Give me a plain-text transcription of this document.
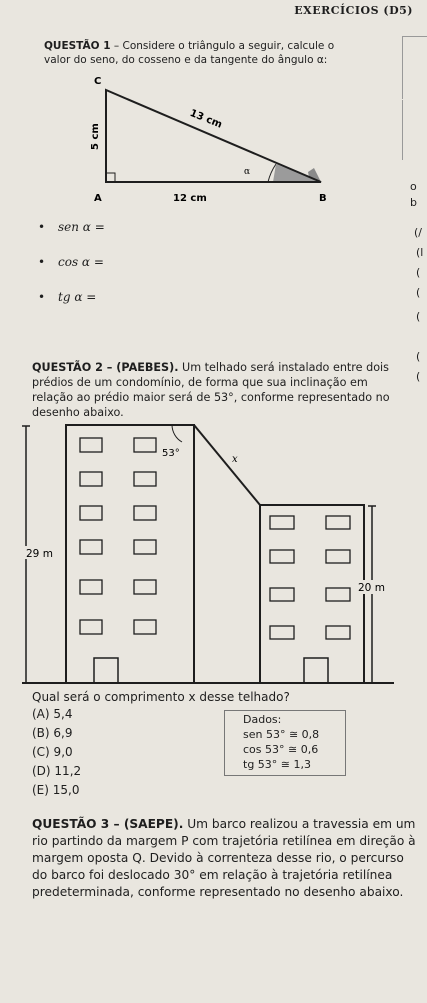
EXERCÍCIOS (D5)
QUESTÃO 1 – Considere o triângulo a seguir, calcule o
valor do seno, do cosseno e da tangente do ângulo α:
C
A	B
13 cm
5 cm
12 cm
α
• sen α =
• cos α =
• tg α =
QUESTÃO 2 – (PAEBES). Um telhado será instalado entre dois prédios de um condomínio, de forma que sua inclinação em relação ao prédio maior será de 53°, conforme representado no desenho abaixo.
29 m
20 m
53°
x
Qual será o comprimento x desse telhado?
(A) 5,4
(B) 6,9
(C) 9,0
(D) 11,2
(E) 15,0
Dados:
sen 53° ≅ 0,8
cos 53° ≅ 0,6
tg 53° ≅ 1,3
QUESTÃO 3 – (SAEPE). Um barco realizou a travessia em um rio partindo da margem P com trajetória retilínea em direção à margem oposta Q. Devido à correnteza desse rio, o percurso do barco foi deslocado 30° em relação à trajetória retilínea predeterminada, conforme representado no desenho abaixo.
o
b
(/
(l
(
(
(
(
(
